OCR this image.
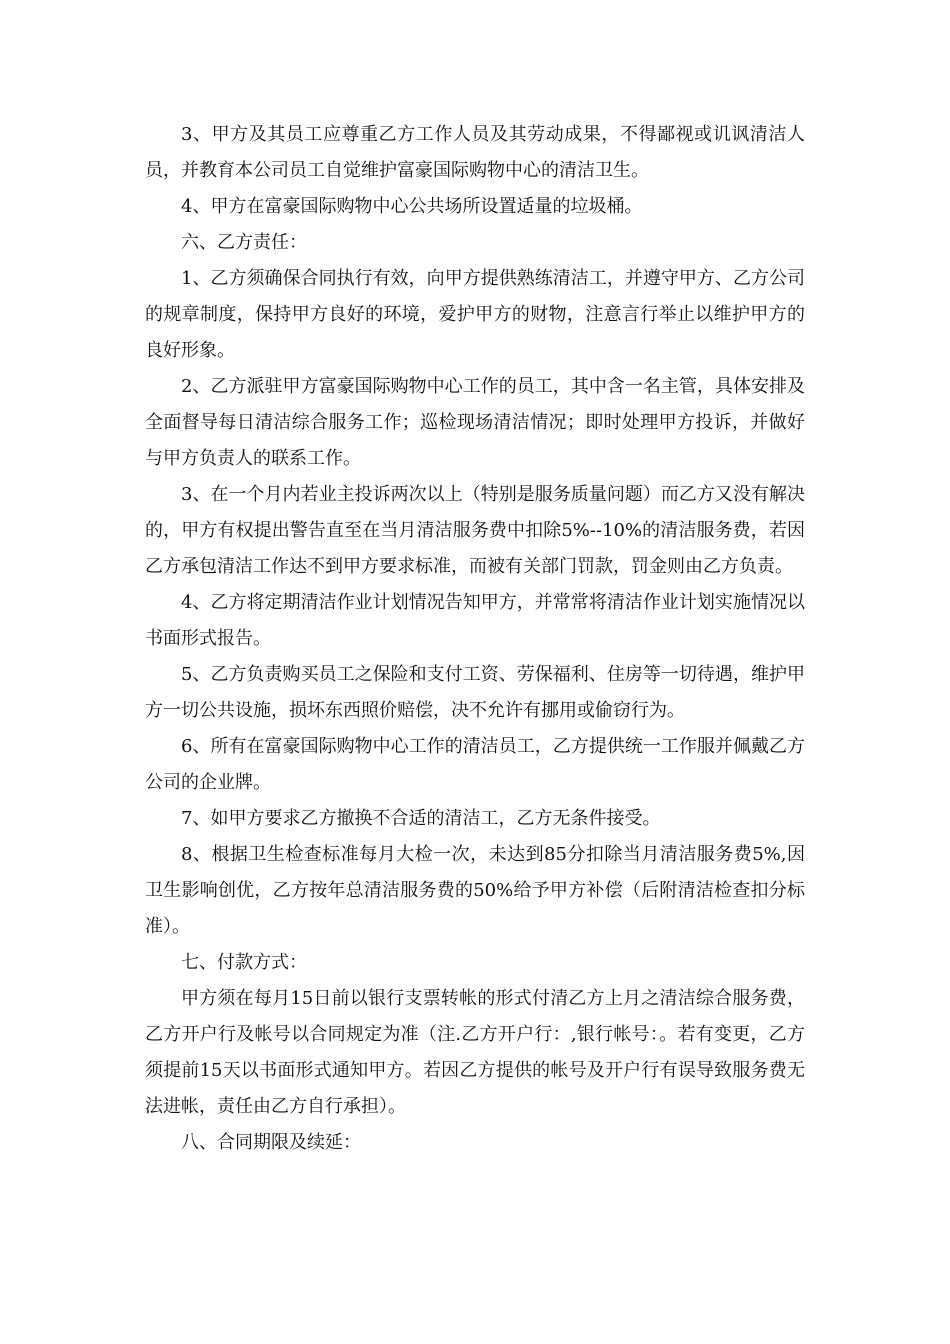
3、甲方及其员工应尊重乙方工作人员及其劳动成果，不得鄙视或讥讽清洁人员，并教育本公司员工自觉维护富豪国际购物中心的清洁卫生。

4、甲方在富豪国际购物中心公共场所设置适量的垃圾桶。

六、乙方责任：

1、乙方须确保合同执行有效，向甲方提供熟练清洁工，并遵守甲方、乙方公司的规章制度，保持甲方良好的环境，爱护甲方的财物，注意言行举止以维护甲方的良好形象。

2、乙方派驻甲方富豪国际购物中心工作的员工，其中含一名主管，具体安排及全面督导每日清洁综合服务工作；巡检现场清洁情况；即时处理甲方投诉，并做好与甲方负责人的联系工作。

3、在一个月内若业主投诉两次以上（特别是服务质量问题）而乙方又没有解决的，甲方有权提出警告直至在当月清洁服务费中扣除5%--10%的清洁服务费，若因乙方承包清洁工作达不到甲方要求标准，而被有关部门罚款，罚金则由乙方负责。

4、乙方将定期清洁作业计划情况告知甲方，并常常将清洁作业计划实施情况以书面形式报告。

5、乙方负责购买员工之保险和支付工资、劳保福利、住房等一切待遇，维护甲方一切公共设施，损坏东西照价赔偿，决不允许有挪用或偷窃行为。

6、所有在富豪国际购物中心工作的清洁员工，乙方提供统一工作服并佩戴乙方公司的企业牌。

7、如甲方要求乙方撤换不合适的清洁工，乙方无条件接受。

8、根据卫生检查标准每月大检一次，未达到85分扣除当月清洁服务费5%,因卫生影响创优，乙方按年总清洁服务费的50%给予甲方补偿（后附清洁检查扣分标准）。

七、付款方式：

甲方须在每月15日前以银行支票转帐的形式付清乙方上月之清洁综合服务费，乙方开户行及帐号以合同规定为准（注.乙方开户行：,银行帐号：。若有变更，乙方须提前15天以书面形式通知甲方。若因乙方提供的帐号及开户行有误导致服务费无法进帐，责任由乙方自行承担）。

八、合同期限及续延：
